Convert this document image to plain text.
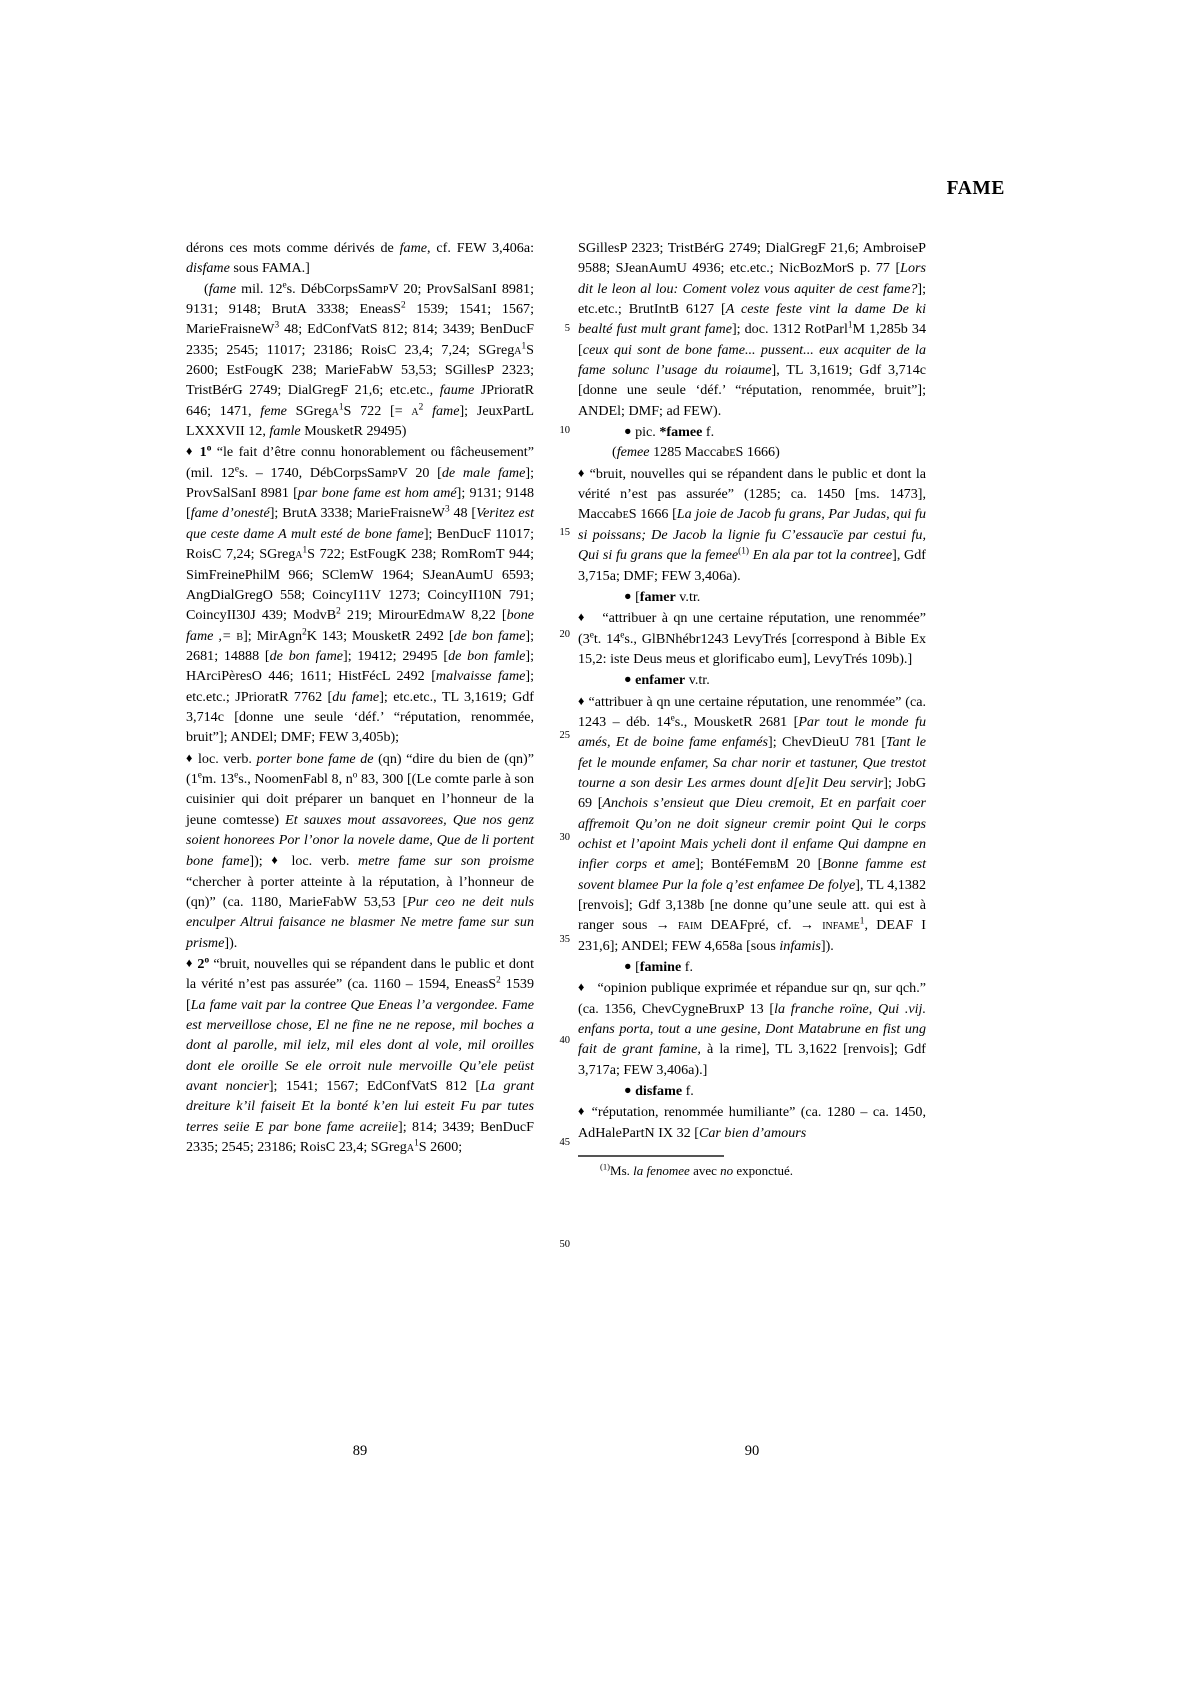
FAME

dérons ces mots comme dérivés de fame, cf. FEW 3,406a: disfame sous FAMA.]

(fame mil. 12es. DébCorpsSampV 20; ProvSalSanI 8981; 9131; 9148; BrutA 3338; EneasS$^2$ 1539; 1541; 1567; MarieFraisneW$^3$ 48; EdConfVatS 812; 814; 3439; BenDucF 2335; 2545; 11017; 23186; RoisC 23,4; 7,24; SGrega$^1$S 2600; EstFougK 238; MarieFabW 53,53; SGillesP 2323; TristBérG 2749; DialGregF 21,6; etc.etc., faume JPrioratR 646; 1471, feme SGrega$^1$S 722 [= $a^2$ fame]; JeuxPartL LXXXVII 12, famle MousketR 29495)

♦ 1$^o$ “le fait d’être connu honorablement ou fâcheusement” (mil. 12es. – 1740, DébCorpsSampV 20 [de male fame]; ProvSalSanI 8981 [par bone fame est hom amé]; 9131; 9148 [fame d’onesté]; BrutA 3338; MarieFraisneW$^3$ 48 [Veritez est que ceste dame A mult esté de bone fame]; BenDucF 11017; RoisC 7,24; SGrega$^1$S 722; EstFougK 238; RomRomT 944; SimFreinePhilM 966; SClemW 1964; SJeanAumU 6593; AngDialGregO 558; CoincyI11V 1273; CoincyII10N 791; CoincyII30J 439; ModvB$^2$ 219; MirourEdmaW 8,22 [bone fame ,= b]; MirAgn$^2$K 143; MousketR 2492 [de bon fame]; 2681; 14888 [de bon fame]; 19412; 29495 [de bon famle]; HArciPèresO 446; 1611; HistFécL 2492 [malvaisse fame]; etc.etc.; JPrioratR 7762 [du fame]; etc.etc., TL 3,1619; Gdf 3,714c [donne une seule ‘déf.’ “réputation, renommée, bruit”]; ANDEl; DMF; FEW 3,405b);

♦ loc. verb. porter bone fame de (qn) “dire du bien de (qn)” (1em. 13es., NoomenFabl 8, $n^o$ 83, 300 [(Le comte parle à son cuisinier qui doit préparer un banquet en l’honneur de la jeune comtesse) Et sauxes mout assavorees, Que nos genz soient honorees Por l’onor la novele dame, Que de li portent bone fame]); ♦ loc. verb. metre fame sur son proisme “chercher à porter atteinte à la réputation, à l’honneur de (qn)” (ca. 1180, MarieFabW 53,53 [Pur ceo ne deit nuls enculper Altrui faisance ne blasmer Ne metre fame sur sun prisme]).

♦ 2$^o$ “bruit, nouvelles qui se répandent dans le public et dont la vérité n’est pas assurée” (ca. 1160 – 1594, EneasS$^2$ 1539 [La fame vait par la contree Que Eneas l’a vergondee. Fame est merveillose chose, El ne fine ne ne repose, mil boches a dont al parolle, mil ielz, mil eles dont al vole, mil oroilles dont ele oroille Se ele orroit nule mervoille Qu’ele peüst avant noncier]; 1541; 1567; EdConfVatS 812 [La grant dreiture k’il faiseit Et la bonté k’en lui esteit Fu par tutes terres seiie E par bone fame acreiie]; 814; 3439; BenDucF 2335; 2545; 23186; RoisC 23,4; SGrega$^1$S 2600;

5
10
15
20
25
30
35
40
45
50

SGillesP 2323; TristBérG 2749; DialGregF 21,6; AmbroiseP 9588; SJeanAumU 4936; etc.etc.; NicBozMorS p. 77 [Lors dit le leon al lou: Coment volez vous aquiter de cest fame?]; etc.etc.; BrutIntB 6127 [A ceste feste vint la dame De ki bealté fust mult grant fame]; doc. 1312 RotParl$^1$M 1,285b 34 [ceux qui sont de bone fame... pussent... eux acquiter de la fame solunc l’usage du roiaume], TL 3,1619; Gdf 3,714c [donne une seule ‘déf.’ “réputation, renommée, bruit”]; ANDEl; DMF; ad FEW).

● pic. *famee f.

(femee 1285 MaccabeS 1666)

♦ “bruit, nouvelles qui se répandent dans le public et dont la vérité n’est pas assurée” (1285; ca. 1450 [ms. 1473], MaccabeS 1666 [La joie de Jacob fu grans, Par Judas, qui fu si poissans; De Jacob la lignie fu C’essaucïe par cestui fu, Qui si fu grans que la femee$^{(1)}$ En ala par tot la contree], Gdf 3,715a; DMF; FEW 3,406a).

● [famer v.tr.

♦   “attribuer à qn une certaine réputation, une renommée” (3et. 14es., GlBNhébr1243 LevyTrés [correspond à Bible Ex 15,2: iste Deus meus et glorificabo eum], LevyTrés 109b).]

● enfamer v.tr.

♦ “attribuer à qn une certaine réputation, une renommée” (ca. 1243 – déb. 14es., MousketR 2681 [Par tout le monde fu amés, Et de boine fame enfamés]; ChevDieuU 781 [Tant le fet le mounde enfamer, Sa char norir et tastuner, Que trestot tourne a son desir Les armes dount d[e]it Deu servir]; JobG 69 [Anchois s’ensieut que Dieu cremoit, Et en parfait coer affremoit Qu’on ne doit signeur cremir point Qui le corps ochist et l’apoint Mais ycheli dont il enfame Qui dampne en infier corps et ame]; BontéFembM 20 [Bonne famme est sovent blamee Pur la fole q’est enfamee De folye], TL 4,1382 [renvois]; Gdf 3,138b [ne donne qu’une seule att. qui est à ranger sous → faim DEAFpré, cf. → infame$^1$, DEAF I 231,6]; ANDEl; FEW 4,658a [sous infamis]).

● [famine f.

♦   “opinion publique exprimée et répandue sur qn, sur qch.” (ca. 1356, ChevCygneBruxP 13 [la franche roïne, Qui .vij. enfans porta, tout a une gesine, Dont Matabrune en fist ung fait de grant famine, à la rime], TL 3,1622 [renvois]; Gdf 3,717a; FEW 3,406a).]

● disfame f.

♦ “réputation, renommée humiliante” (ca. 1280 – ca. 1450, AdHalePartN IX 32 [Car bien d’amours

$^{(1)}$Ms. la fenomee avec no exponctué.

89	90
